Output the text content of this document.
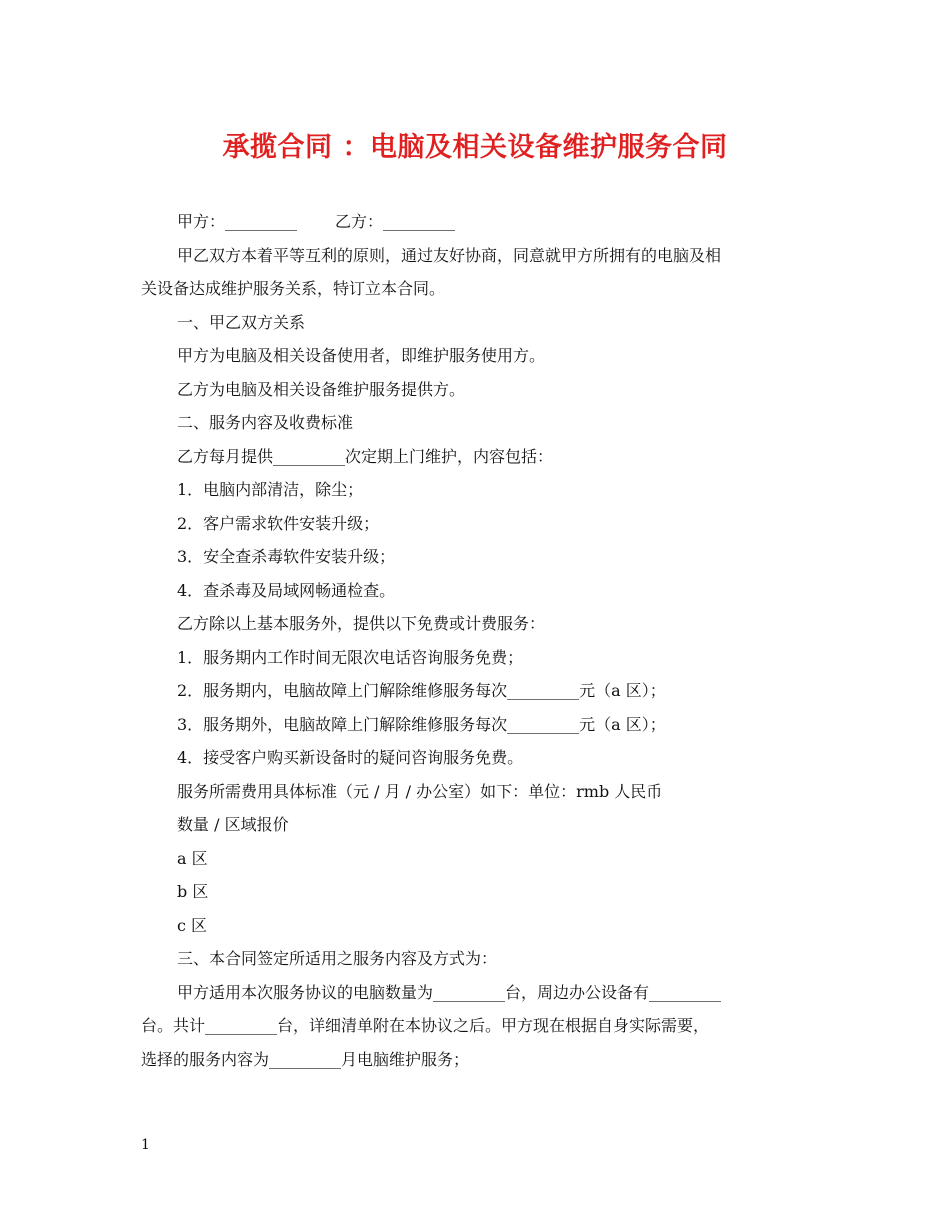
承揽合同 ：电脑及相关设备维护服务合同
甲方：_________ 乙方：_________
甲乙双方本着平等互利的原则，通过友好协商，同意就甲方所拥有的电脑及相
关设备达成维护服务关系，特订立本合同。
一、甲乙双方关系
甲方为电脑及相关设备使用者，即维护服务使用方。
乙方为电脑及相关设备维护服务提供方。
二、服务内容及收费标准
乙方每月提供_________次定期上门维护，内容包括：
1．电脑内部清洁，除尘；
2．客户需求软件安装升级；
3．安全查杀毒软件安装升级；
4．查杀毒及局域网畅通检查。
乙方除以上基本服务外，提供以下免费或计费服务：
1．服务期内工作时间无限次电话咨询服务免费；
2．服务期内，电脑故障上门解除维修服务每次_________元（a 区）；
3．服务期外，电脑故障上门解除维修服务每次_________元（a 区）；
4．接受客户购买新设备时的疑问咨询服务免费。
服务所需费用具体标准（元 / 月 / 办公室）如下：单位：rmb 人民币
数量 / 区域报价
a 区
b 区
c 区
三、本合同签定所适用之服务内容及方式为：
甲方适用本次服务协议的电脑数量为_________台，周边办公设备有_________
台。共计_________台，详细清单附在本协议之后。甲方现在根据自身实际需要，
选择的服务内容为_________月电脑维护服务；
1
